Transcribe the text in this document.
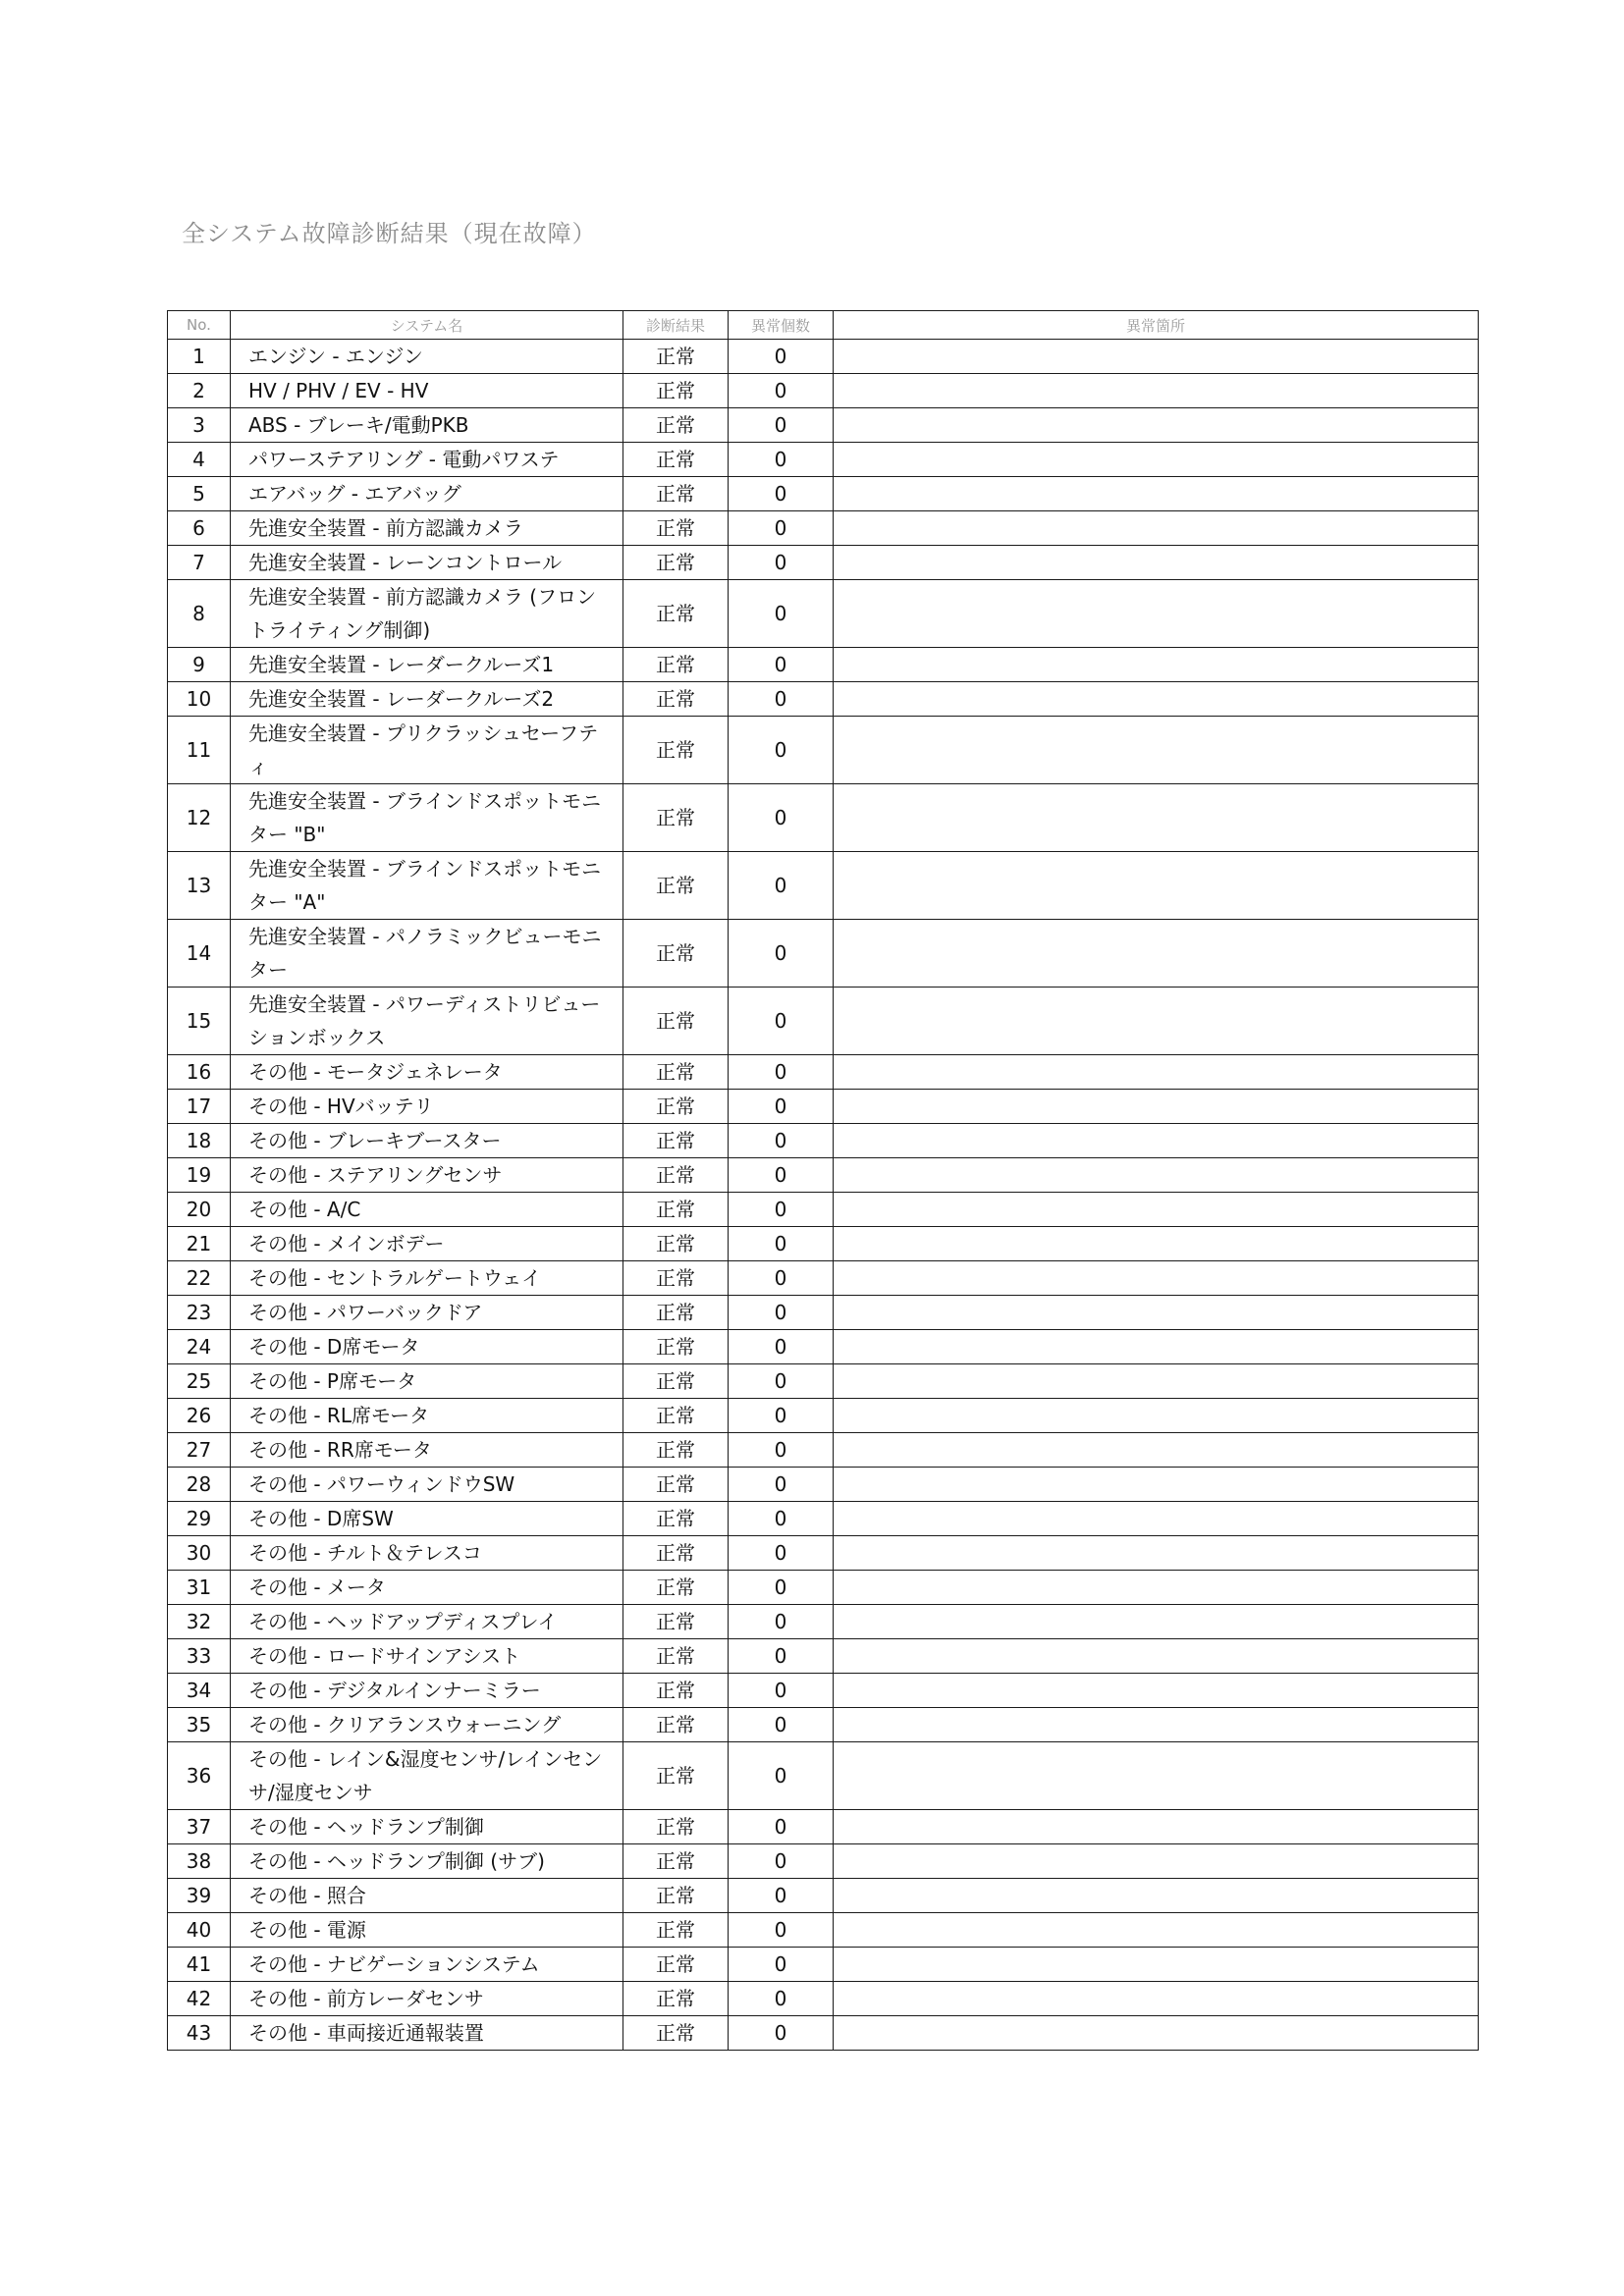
全システム故障診断結果（現在故障）
No.	システム名	診断結果	異常個数	異常箇所
1	エンジン - エンジン	正常	0	
2	HV / PHV / EV - HV	正常	0	
3	ABS - ブレーキ/電動PKB	正常	0	
4	パワーステアリング - 電動パワステ	正常	0	
5	エアバッグ - エアバッグ	正常	0	
6	先進安全装置 - 前方認識カメラ	正常	0	
7	先進安全装置 - レーンコントロール	正常	0	
8	先進安全装置 - 前方認識カメラ (フロントライティング制御)	正常	0	
9	先進安全装置 - レーダークルーズ1	正常	0	
10	先進安全装置 - レーダークルーズ2	正常	0	
11	先進安全装置 - プリクラッシュセーフティ	正常	0	
12	先進安全装置 - ブラインドスポットモニター "B"	正常	0	
13	先進安全装置 - ブラインドスポットモニター "A"	正常	0	
14	先進安全装置 - パノラミックビューモニター	正常	0	
15	先進安全装置 - パワーディストリビューションボックス	正常	0	
16	その他 - モータジェネレータ	正常	0	
17	その他 - HVバッテリ	正常	0	
18	その他 - ブレーキブースター	正常	0	
19	その他 - ステアリングセンサ	正常	0	
20	その他 - A/C	正常	0	
21	その他 - メインボデー	正常	0	
22	その他 - セントラルゲートウェイ	正常	0	
23	その他 - パワーバックドア	正常	0	
24	その他 - D席モータ	正常	0	
25	その他 - P席モータ	正常	0	
26	その他 - RL席モータ	正常	0	
27	その他 - RR席モータ	正常	0	
28	その他 - パワーウィンドウSW	正常	0	
29	その他 - D席SW	正常	0	
30	その他 - チルト＆テレスコ	正常	0	
31	その他 - メータ	正常	0	
32	その他 - ヘッドアップディスプレイ	正常	0	
33	その他 - ロードサインアシスト	正常	0	
34	その他 - デジタルインナーミラー	正常	0	
35	その他 - クリアランスウォーニング	正常	0	
36	その他 - レイン&湿度センサ/レインセンサ/湿度センサ	正常	0	
37	その他 - ヘッドランプ制御	正常	0	
38	その他 - ヘッドランプ制御 (サブ)	正常	0	
39	その他 - 照合	正常	0	
40	その他 - 電源	正常	0	
41	その他 - ナビゲーションシステム	正常	0	
42	その他 - 前方レーダセンサ	正常	0	
43	その他 - 車両接近通報装置	正常	0	
